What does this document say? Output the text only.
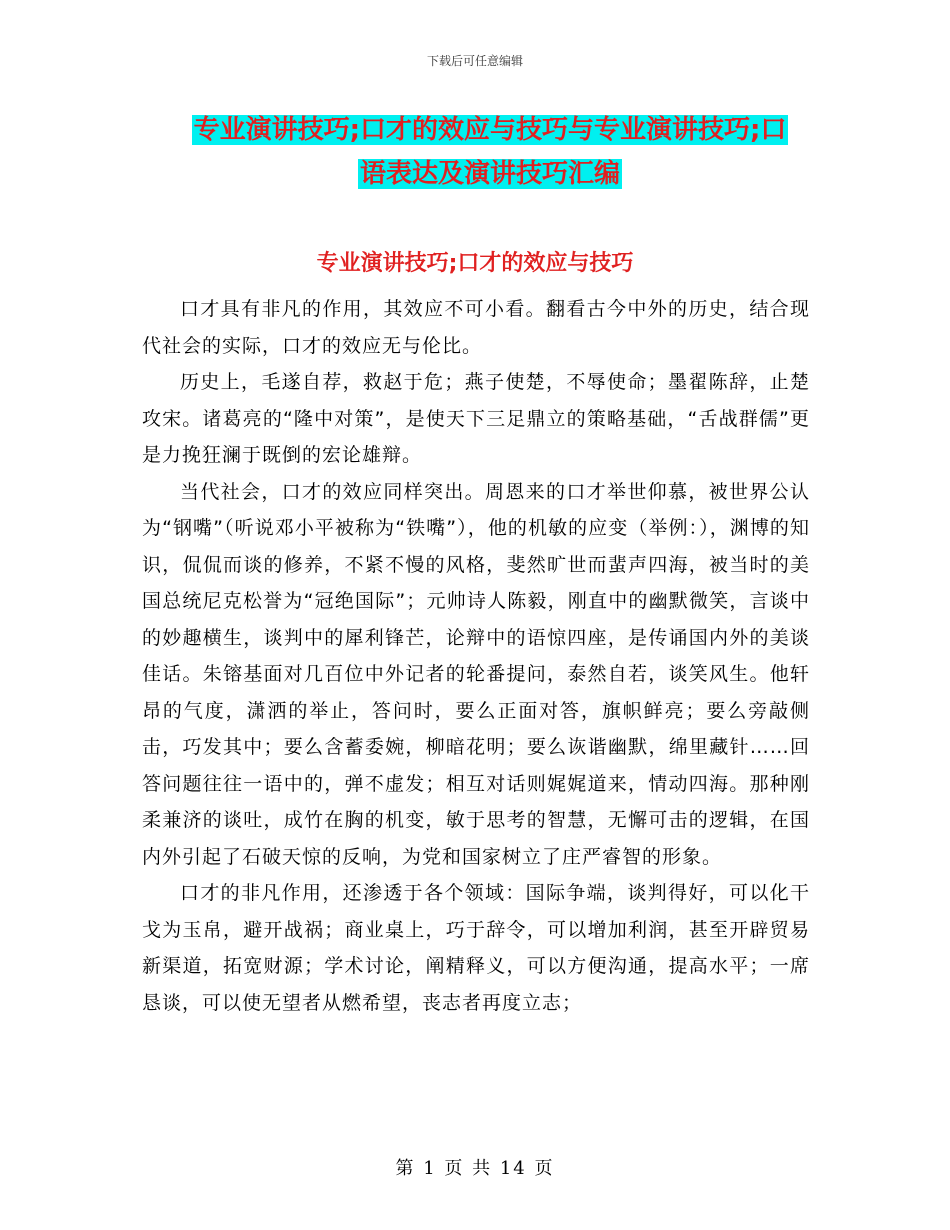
下载后可任意编辑
专业演讲技巧;口才的效应与技巧与专业演讲技巧;口
语表达及演讲技巧汇编
专业演讲技巧;口才的效应与技巧

口才具有非凡的作用，其效应不可小看。翻看古今中外的历史，结合现代社会的实际，口才的效应无与伦比。

历史上，毛遂自荐，救赵于危；燕子使楚，不辱使命；墨翟陈辞，止楚攻宋。诸葛亮的“隆中对策”，是使天下三足鼎立的策略基础，“舌战群儒”更是力挽狂澜于既倒的宏论雄辩。

当代社会，口才的效应同样突出。周恩来的口才举世仰慕，被世界公认为“钢嘴”（听说邓小平被称为“铁嘴”），他的机敏的应变（举例：），渊博的知识，侃侃而谈的修养，不紧不慢的风格，斐然旷世而蜚声四海，被当时的美国总统尼克松誉为“冠绝国际”；元帅诗人陈毅，刚直中的幽默微笑，言谈中的妙趣横生，谈判中的犀利锋芒，论辩中的语惊四座，是传诵国内外的美谈佳话。朱镕基面对几百位中外记者的轮番提问，泰然自若，谈笑风生。他轩昂的气度，潇洒的举止，答问时，要么正面对答，旗帜鲜亮；要么旁敲侧击，巧发其中；要么含蓄委婉，柳暗花明；要么诙谐幽默，绵里藏针……回答问题往往一语中的，弹不虚发；相互对话则娓娓道来，情动四海。那种刚柔兼济的谈吐，成竹在胸的机变，敏于思考的智慧，无懈可击的逻辑，在国内外引起了石破天惊的反响，为党和国家树立了庄严睿智的形象。

口才的非凡作用，还渗透于各个领域：国际争端，谈判得好，可以化干戈为玉帛，避开战祸；商业桌上，巧于辞令，可以增加利润，甚至开辟贸易新渠道，拓宽财源；学术讨论，阐精释义，可以方便沟通，提高水平；一席恳谈，可以使无望者从燃希望，丧志者再度立志；

第 1 页 共 14 页
